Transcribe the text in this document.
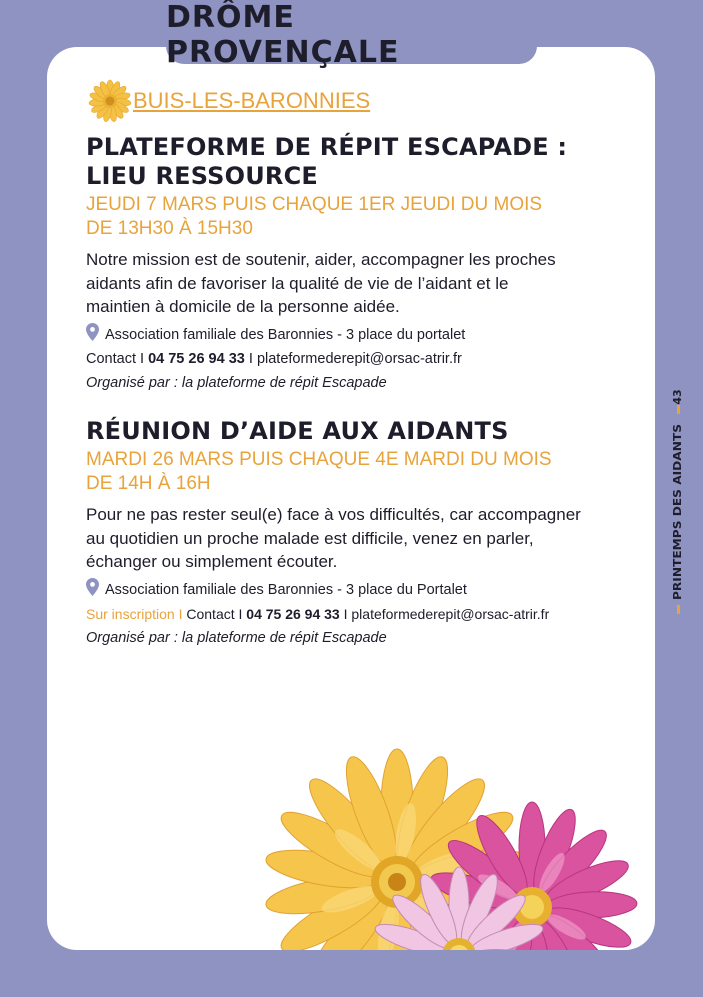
DRÔME PROVENÇALE
43
PRINTEMPS DES AIDANTS
BUIS-LES-BARONNIES
PLATEFORME DE RÉPIT ESCAPADE :
LIEU RESSOURCE
JEUDI 7 MARS PUIS CHAQUE 1ER JEUDI DU MOIS
DE 13H30 À 15H30
Notre mission est de soutenir, aider, accompagner les proches
aidants afin de favoriser la qualité de vie de l’aidant et le
maintien à domicile de la personne aidée.
Association familiale des Baronnies - 3 place du portalet
Contact I 04 75 26 94 33 I plateformederepit@orsac-atrir.fr
Organisé par : la plateforme de répit Escapade
RÉUNION D’AIDE AUX AIDANTS
MARDI 26 MARS PUIS CHAQUE 4E MARDI DU MOIS
DE 14H À 16H
Pour ne pas rester seul(e) face à vos difficultés, car accompagner
au quotidien un proche malade est difficile, venez en parler,
échanger ou simplement écouter.
Association familiale des Baronnies - 3 place du Portalet
Sur inscription I Contact I 04 75 26 94 33 I plateformederepit@orsac-atrir.fr
Organisé par : la plateforme de répit Escapade
